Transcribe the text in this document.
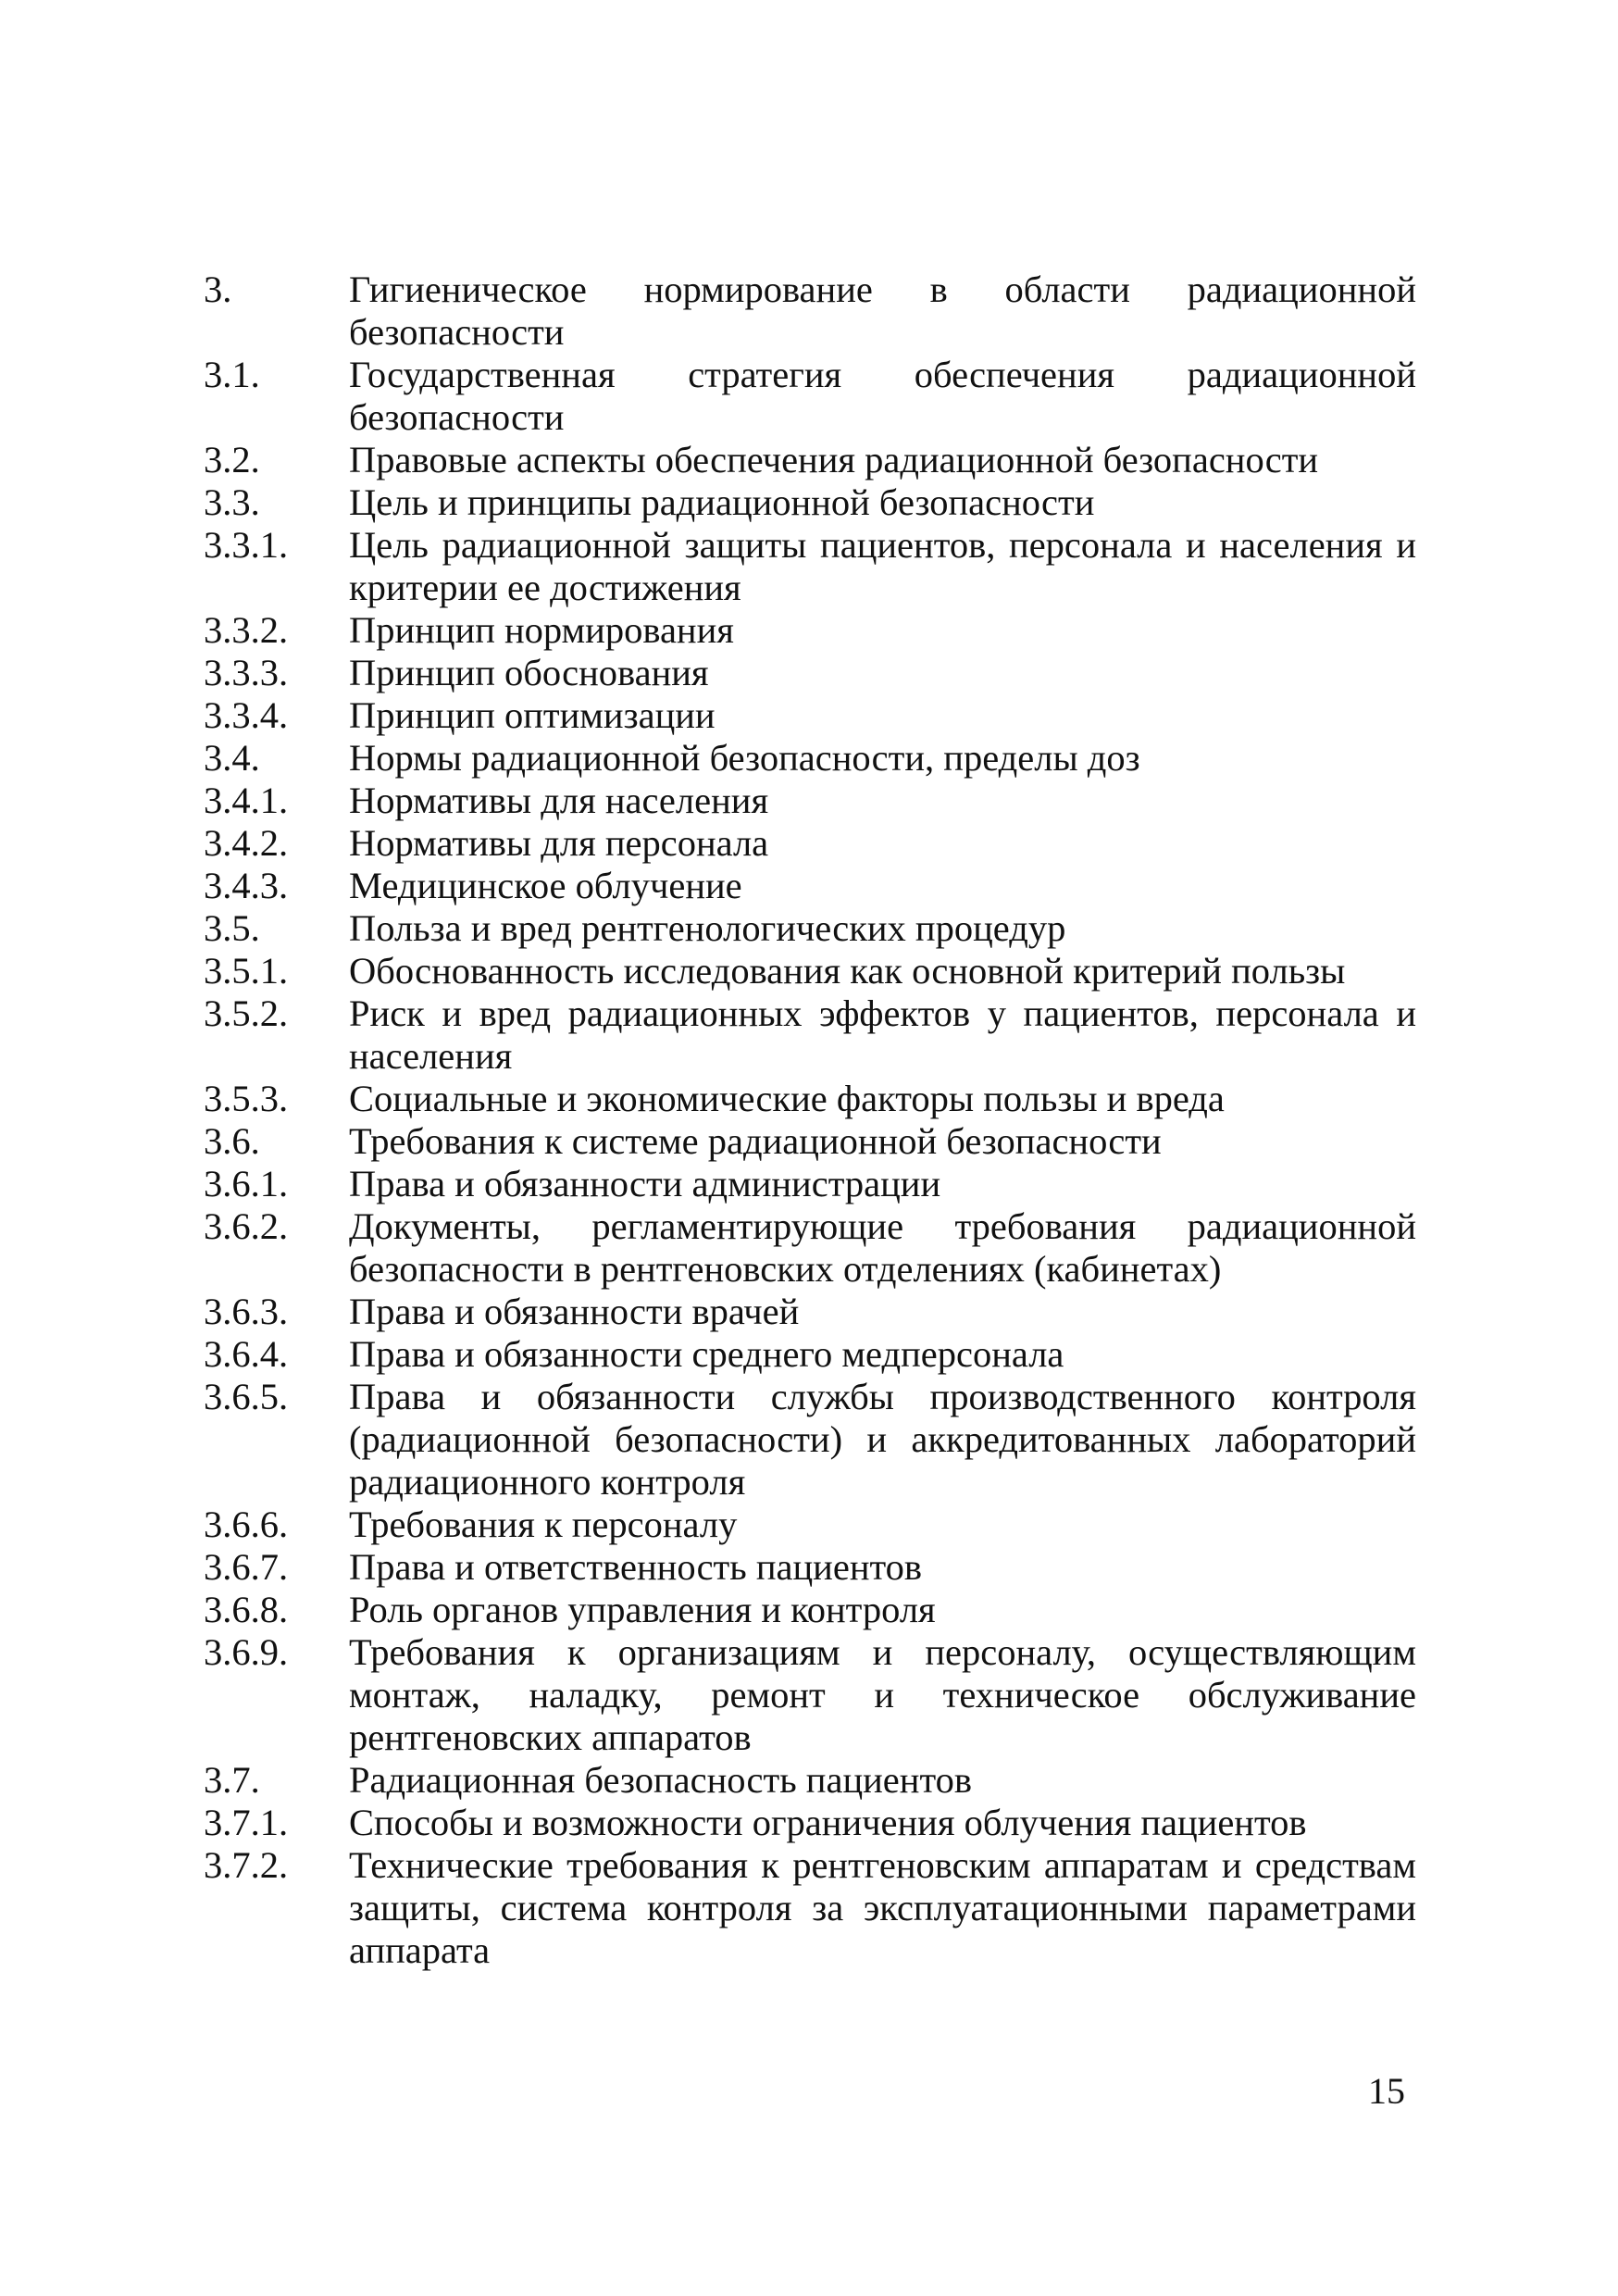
3.	Гигиеническое нормирование в области радиационной безопасности
3.1.	Государственная стратегия обеспечения радиационной безопасности
3.2.	Правовые аспекты обеспечения радиационной безопасности
3.3.	Цель и принципы радиационной безопасности
3.3.1.	Цель радиационной защиты пациентов, персонала и населения и критерии ее достижения
3.3.2.	Принцип нормирования
3.3.3.	Принцип обоснования
3.3.4.	Принцип оптимизации
3.4.	Нормы радиационной безопасности, пределы доз
3.4.1.	Нормативы для населения
3.4.2.	Нормативы для персонала
3.4.3.	Медицинское облучение
3.5.	Польза и вред рентгенологических процедур
3.5.1.	Обоснованность исследования как основной критерий пользы
3.5.2.	Риск и вред радиационных эффектов у пациентов, персонала и населения
3.5.3.	Социальные и экономические факторы пользы и вреда
3.6.	Требования к системе радиационной безопасности
3.6.1.	Права и обязанности администрации
3.6.2.	Документы, регламентирующие требования радиационной безопасности в рентгеновских отделениях (кабинетах)
3.6.3.	Права и обязанности врачей
3.6.4.	Права и обязанности среднего медперсонала
3.6.5.	Права и обязанности службы производственного контроля (радиационной безопасности) и аккредитованных лабораторий радиационного контроля
3.6.6.	Требования к персоналу
3.6.7.	Права и ответственность пациентов
3.6.8.	Роль органов управления и контроля
3.6.9.	Требования к организациям и персоналу, осуществляющим монтаж, наладку, ремонт и техническое обслуживание рентгеновских аппаратов
3.7.	Радиационная безопасность пациентов
3.7.1.	Способы и возможности ограничения облучения пациентов
3.7.2.	Технические требования к рентгеновским аппаратам и средствам защиты, система контроля за эксплуатационными параметрами аппарата
15
